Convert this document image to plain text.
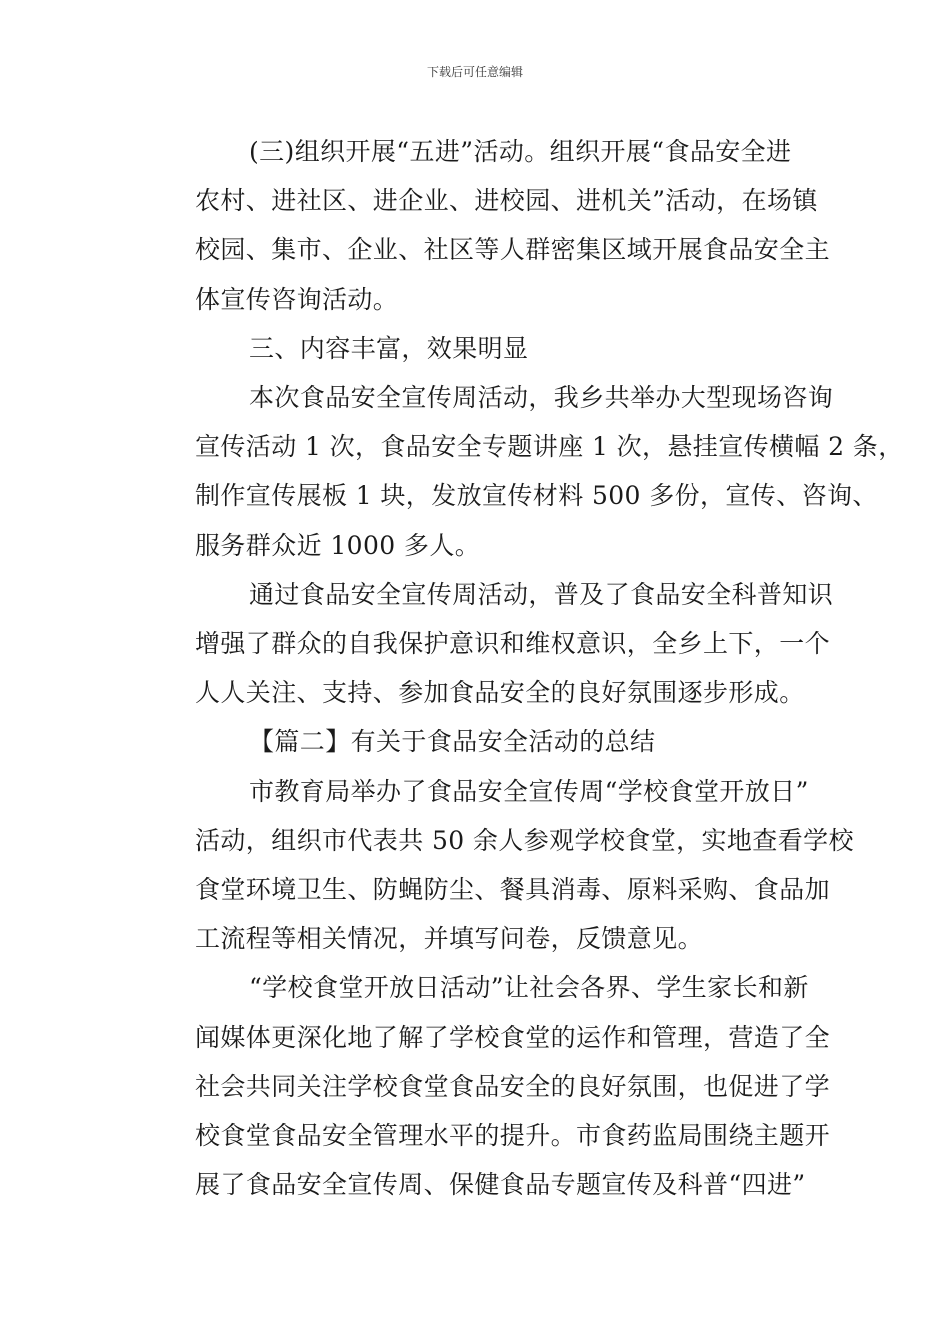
下载后可任意编辑
(三)组织开展“五进”活动。组织开展“食品安全进
农村、进社区、进企业、进校园、进机关”活动，在场镇
校园、集市、企业、社区等人群密集区域开展食品安全主
体宣传咨询活动。
三、内容丰富，效果明显
本次食品安全宣传周活动，我乡共举办大型现场咨询
宣传活动 1 次，食品安全专题讲座 1 次，悬挂宣传横幅 2 条，
制作宣传展板 1 块，发放宣传材料 500 多份，宣传、咨询、
服务群众近 1000 多人。
通过食品安全宣传周活动，普及了食品安全科普知识
增强了群众的自我保护意识和维权意识，全乡上下，一个
人人关注、支持、参加食品安全的良好氛围逐步形成。
【篇二】有关于食品安全活动的总结
市教育局举办了食品安全宣传周“学校食堂开放日”
活动，组织市代表共 50 余人参观学校食堂，实地查看学校
食堂环境卫生、防蝇防尘、餐具消毒、原料采购、食品加
工流程等相关情况，并填写问卷，反馈意见。
“学校食堂开放日活动”让社会各界、学生家长和新
闻媒体更深化地了解了学校食堂的运作和管理，营造了全
社会共同关注学校食堂食品安全的良好氛围，也促进了学
校食堂食品安全管理水平的提升。市食药监局围绕主题开
展了食品安全宣传周、保健食品专题宣传及科普“四进”
